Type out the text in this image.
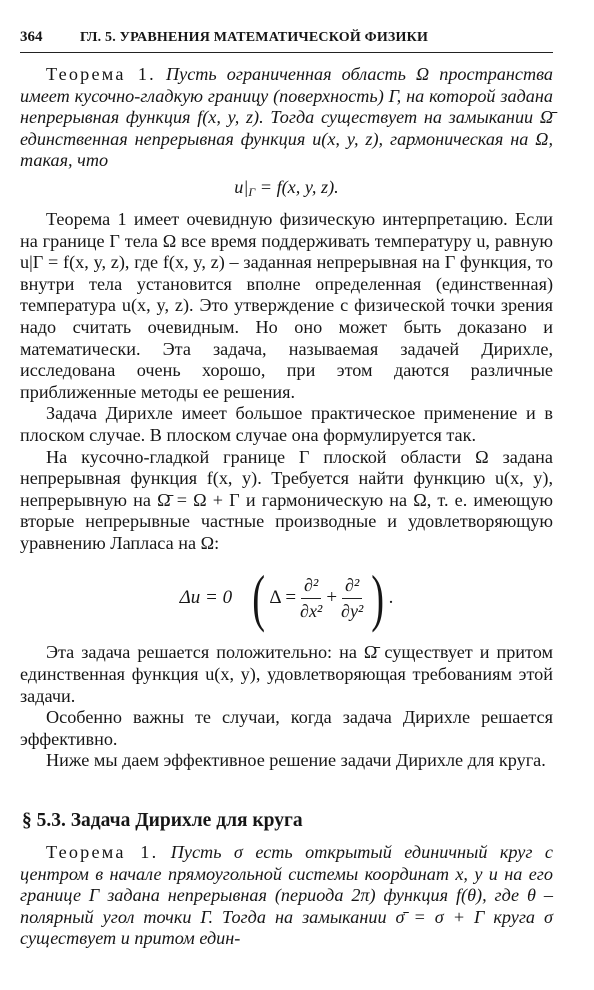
364	ГЛ. 5. УРАВНЕНИЯ МАТЕМАТИЧЕСКОЙ ФИЗИКИ

Теорема 1. Пусть ограниченная область Ω пространства имеет кусочно-гладкую границу (поверхность) Γ, на которой задана непрерывная функция f(x, y, z). Тогда существует на замыкании Ω̄ единственная непрерывная функция u(x, y, z), гармоническая на Ω, такая, что

$u|_\Gamma = f(x$, y, z).

Теорема 1 имеет очевидную физическую интерпретацию. Если на границе Γ тела Ω все время поддерживать температуру u, равную u|Γ = f(x, y, z), где f(x, y, z) – заданная непрерывная на Γ функция, то внутри тела установится вполне определенная (единственная) температура u(x, y, z). Это утверждение с физической точки зрения надо считать очевидным. Но оно может быть доказано и математически. Эта задача, называемая задачей Дирихле, исследована очень хорошо, при этом даются различные приближенные методы ее решения.

Задача Дирихле имеет большое практическое применение и в плоском случае. В плоском случае она формулируется так.

На кусочно-гладкой границе Γ плоской области Ω задана непрерывная функция f(x, y). Требуется найти функцию u(x, y), непрерывную на Ω̄ = Ω + Γ и гармоническую на Ω, т. е. имеющую вторые непрерывные частные производные и удовлетворяющую уравнению Лапласа на Ω:

Δu = 0 ( $\Delta = \frac{\text{∂²}}{\text{∂x²}} + \frac{\text{∂²}}{\text{∂y²}}$ ) .

Эта задача решается положительно: на Ω̄ существует и притом единственная функция u(x, y), удовлетворяющая требованиям этой задачи.

Особенно важны те случаи, когда задача Дирихле решается эффективно.

Ниже мы даем эффективное решение задачи Дирихле для круга.

§ 5.3. Задача Дирихле для круга

Теорема 1. Пусть σ есть открытый единичный круг с центром в начале прямоугольной системы координат x, y и на его границе Γ задана непрерывная (периода 2π) функция f(θ), где θ – полярный угол точки Γ. Тогда на замыкании σ̄ = σ + Γ круга σ существует и притом един-
